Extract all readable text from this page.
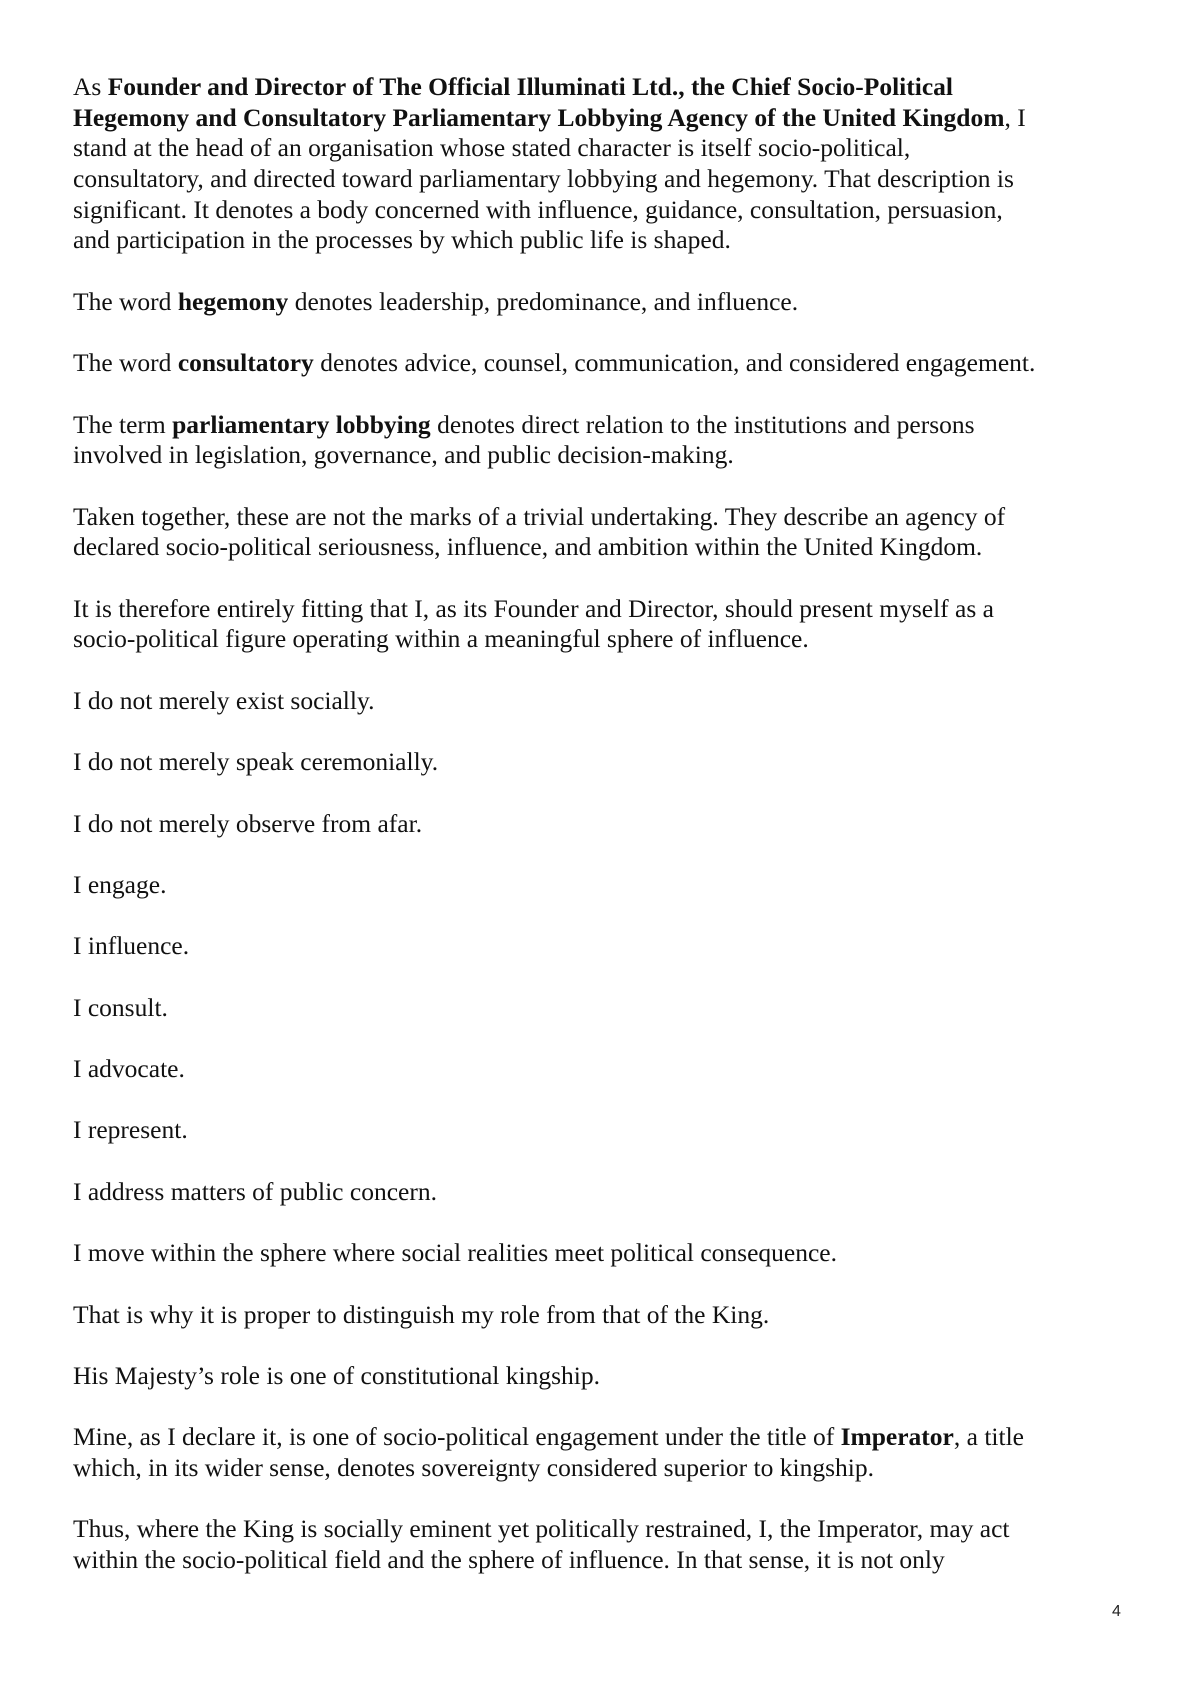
As Founder and Director of The Official Illuminati Ltd., the Chief Socio-Political
Hegemony and Consultatory Parliamentary Lobbying Agency of the United Kingdom, I
stand at the head of an organisation whose stated character is itself socio-political,
consultatory, and directed toward parliamentary lobbying and hegemony. That description is
significant. It denotes a body concerned with influence, guidance, consultation, persuasion,
and participation in the processes by which public life is shaped.
The word hegemony denotes leadership, predominance, and influence.
The word consultatory denotes advice, counsel, communication, and considered engagement.
The term parliamentary lobbying denotes direct relation to the institutions and persons
involved in legislation, governance, and public decision-making.
Taken together, these are not the marks of a trivial undertaking. They describe an agency of
declared socio-political seriousness, influence, and ambition within the United Kingdom.
It is therefore entirely fitting that I, as its Founder and Director, should present myself as a
socio-political figure operating within a meaningful sphere of influence.
I do not merely exist socially.
I do not merely speak ceremonially.
I do not merely observe from afar.
I engage.
I influence.
I consult.
I advocate.
I represent.
I address matters of public concern.
I move within the sphere where social realities meet political consequence.
That is why it is proper to distinguish my role from that of the King.
His Majesty’s role is one of constitutional kingship.
Mine, as I declare it, is one of socio-political engagement under the title of Imperator, a title
which, in its wider sense, denotes sovereignty considered superior to kingship.
Thus, where the King is socially eminent yet politically restrained, I, the Imperator, may act
within the socio-political field and the sphere of influence. In that sense, it is not only
4
